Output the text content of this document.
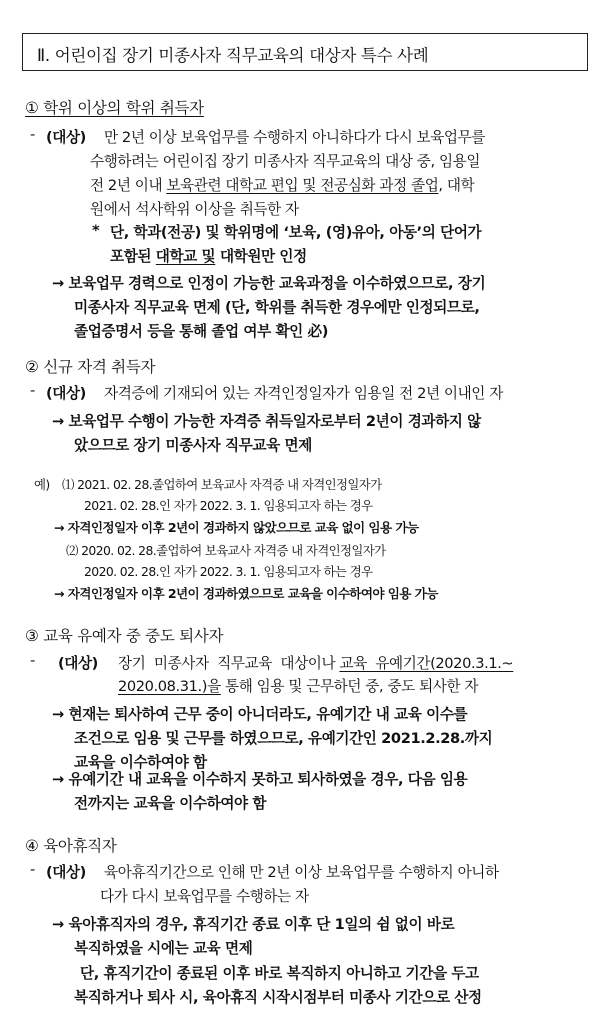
Ⅱ. 어린이집 장기 미종사자 직무교육의 대상자 특수 사례
① 학위 이상의 학위 취득자
- (대상) 만 2년 이상 보육업무를 수행하지 아니하다가 다시 보육업무를
수행하려는 어린이집 장기 미종사자 직무교육의 대상 중, 임용일
전 2년 이내 보육관련 대학교 편입 및 전공심화 과정 졸업, 대학
원에서 석사학위 이상을 취득한 자
* 단, 학과(전공) 및 학위명에 ‘보육, (영)유아, 아동’의 단어가
포함된 대학교 및 대학원만 인정
→ 보육업무 경력으로 인정이 가능한 교육과정을 이수하였으므로, 장기
미종사자 직무교육 면제 (단, 학위를 취득한 경우에만 인정되므로,
졸업증명서 등을 통해 졸업 여부 확인 必)
② 신규 자격 취득자
- (대상) 자격증에 기재되어 있는 자격인정일자가 임용일 전 2년 이내인 자
→ 보육업무 수행이 가능한 자격증 취득일자로부터 2년이 경과하지 않
았으므로 장기 미종사자 직무교육 면제
예) ⑴ 2021. 02. 28.졸업하여 보육교사 자격증 내 자격인정일자가
2021. 02. 28.인 자가 2022. 3. 1. 임용되고자 하는 경우
→ 자격인정일자 이후 2년이 경과하지 않았으므로 교육 없이 임용 가능
⑵ 2020. 02. 28.졸업하여 보육교사 자격증 내 자격인정일자가
2020. 02. 28.인 자가 2022. 3. 1. 임용되고자 하는 경우
→ 자격인정일자 이후 2년이 경과하였으므로 교육을 이수하여야 임용 가능
③ 교육 유예자 중 중도 퇴사자
- (대상) 장기  미종사자  직무교육  대상이나 교육  유예기간(2020.3.1.~
2020.08.31.)을 통해 임용 및 근무하던 중, 중도 퇴사한 자
→ 현재는 퇴사하여 근무 중이 아니더라도, 유예기간 내 교육 이수를
조건으로 임용 및 근무를 하였으므로, 유예기간인 2021.2.28.까지
교육을 이수하여야 함
→ 유예기간 내 교육을 이수하지 못하고 퇴사하였을 경우, 다음 임용
전까지는 교육을 이수하여야 함
④ 육아휴직자
- (대상) 육아휴직기간으로 인해 만 2년 이상 보육업무를 수행하지 아니하
다가 다시 보육업무를 수행하는 자
→ 육아휴직자의 경우, 휴직기간 종료 이후 단 1일의 쉼 없이 바로
복직하였을 시에는 교육 면제
단, 휴직기간이 종료된 이후 바로 복직하지 아니하고 기간을 두고
복직하거나 퇴사 시, 육아휴직 시작시점부터 미종사 기간으로 산정
